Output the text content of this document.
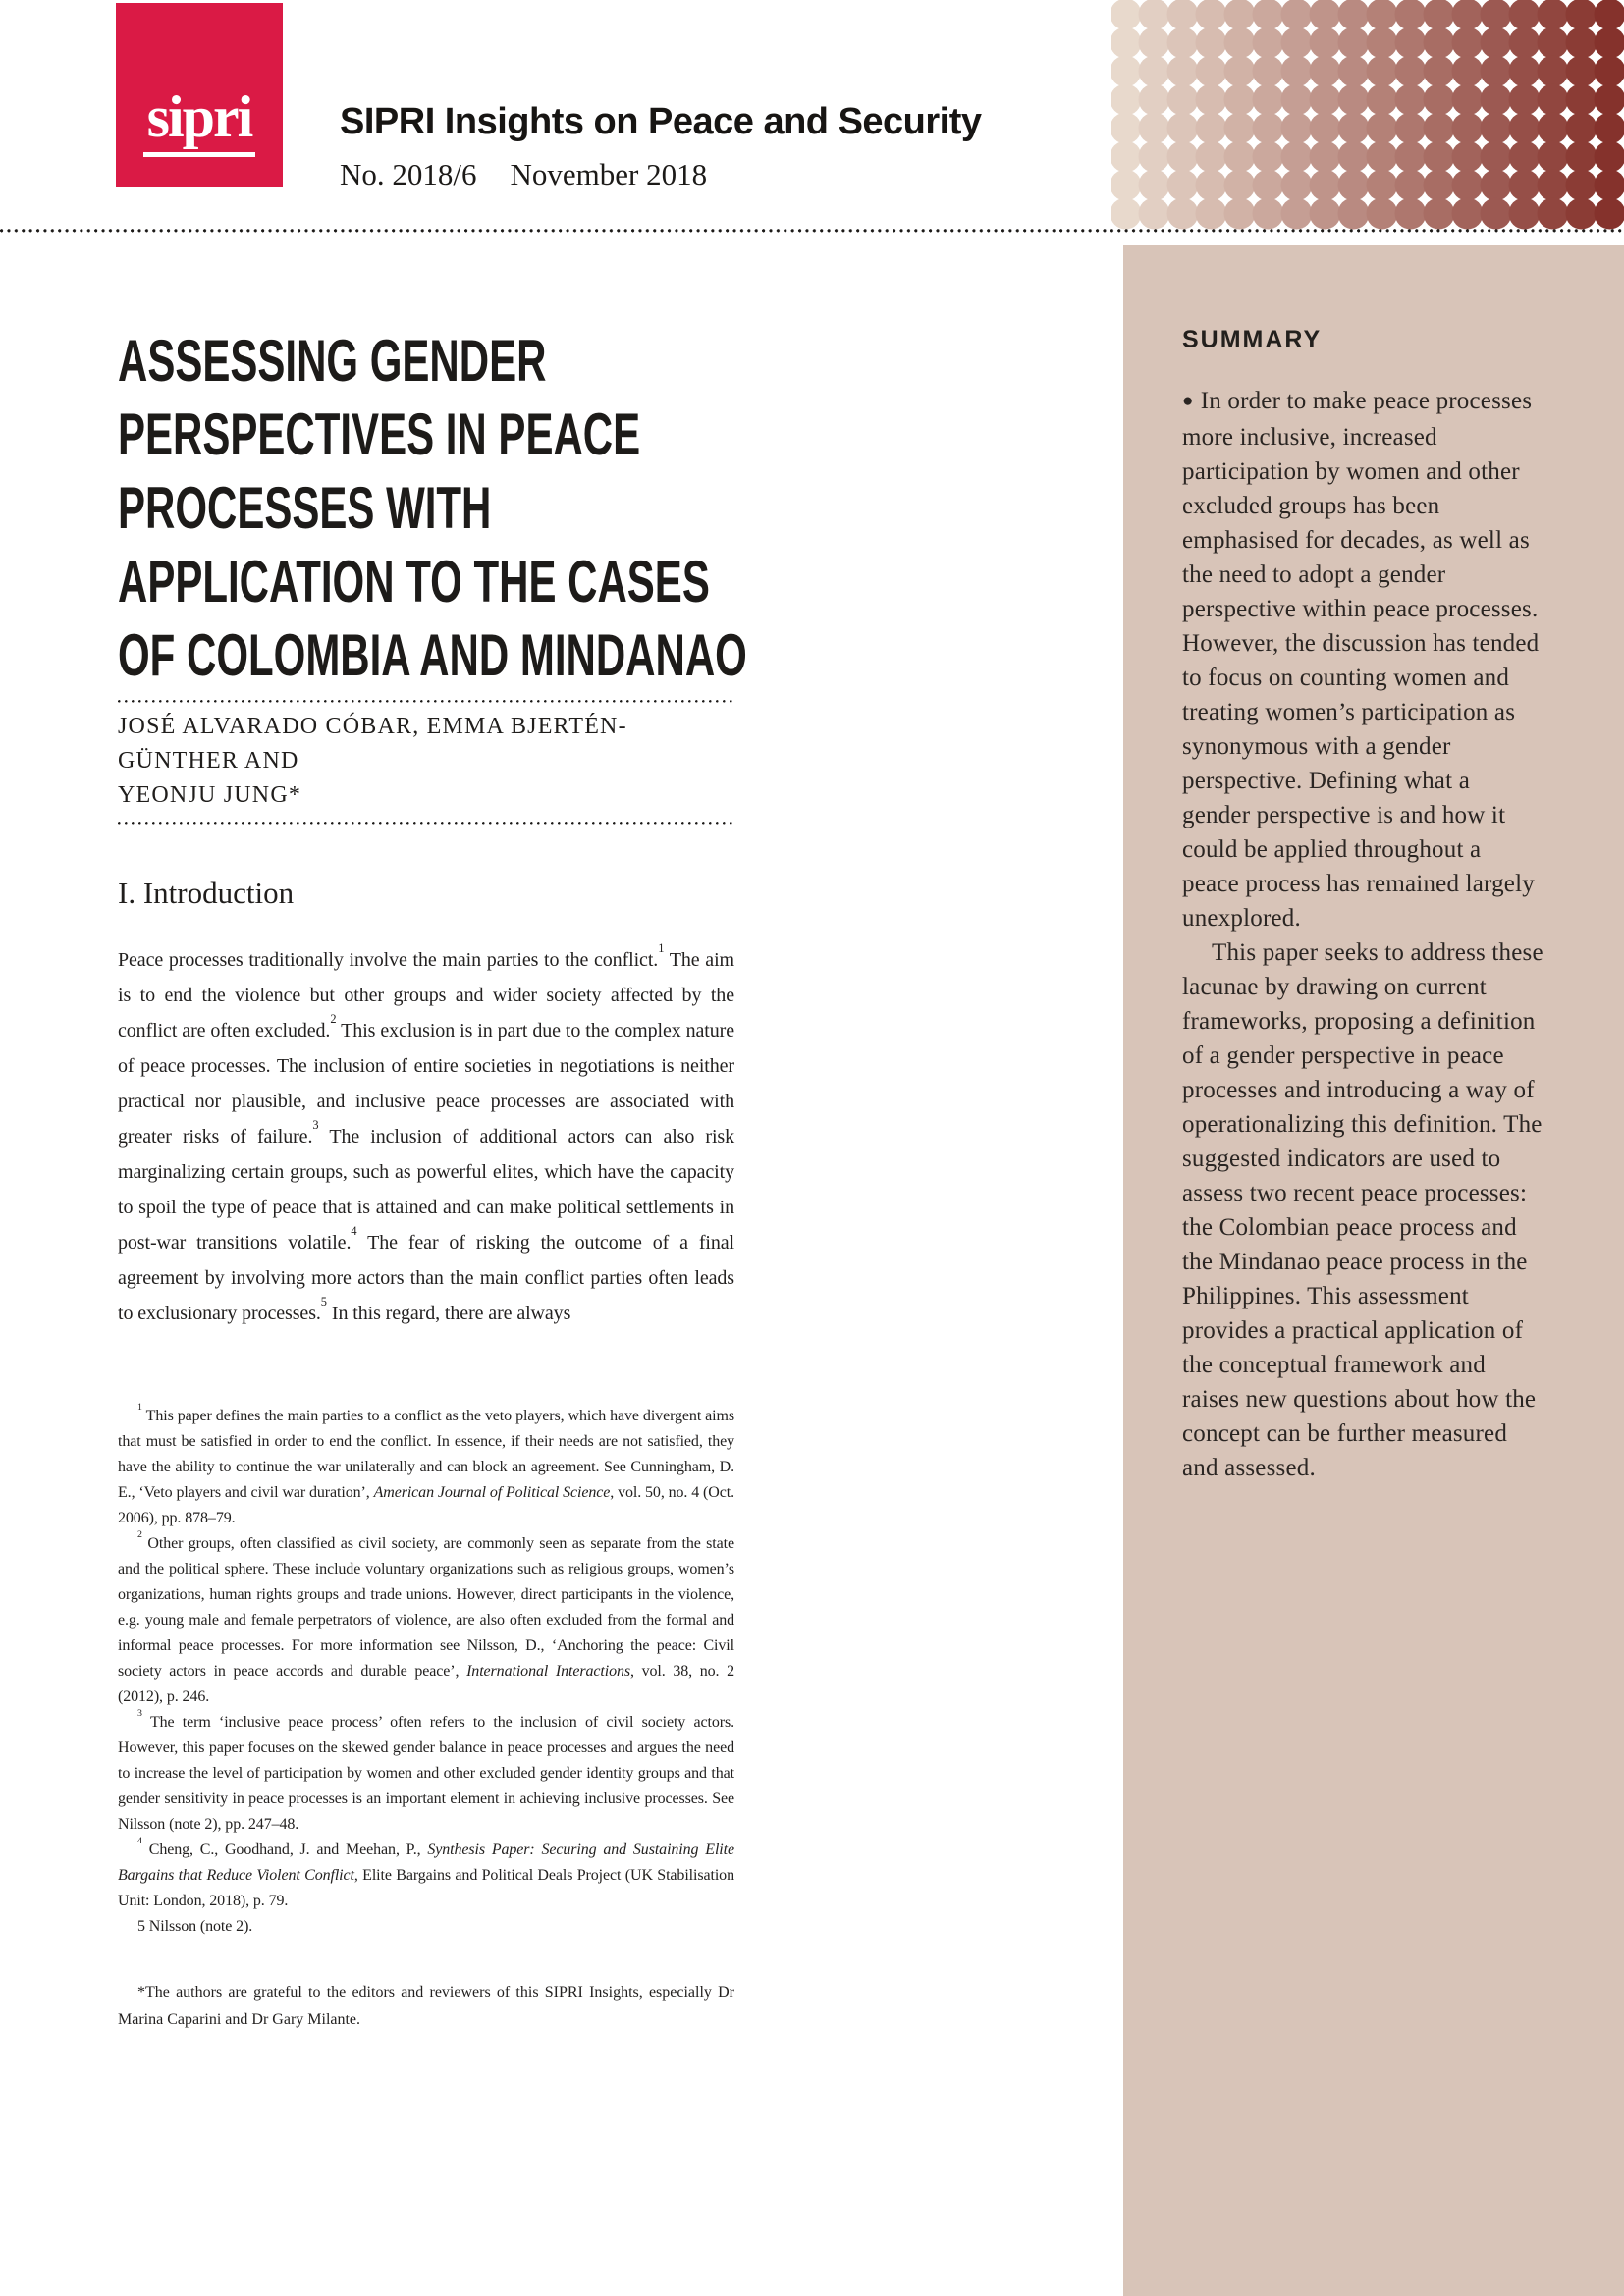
sipri SIPRI Insights on Peace and Security
No. 2018/6 November 2018
ASSESSING GENDER
PERSPECTIVES IN PEACE
PROCESSES WITH
APPLICATION TO THE CASES
OF COLOMBIA AND MINDANAO
JOSÉ ALVARADO CÓBAR, EMMA BJERTÉN-GÜNTHER AND
YEONJU JUNG*
I. Introduction

Peace processes traditionally involve the main parties to the conflict.$^1$ The aim is to end the violence but other groups and wider society affected by the conflict are often excluded.$^2$ This exclusion is in part due to the complex nature of peace processes. The inclusion of entire societies in negotiations is neither practical nor plausible, and inclusive peace processes are associated with greater risks of failure.$^3$ The inclusion of additional actors can also risk marginalizing certain groups, such as powerful elites, which have the capacity to spoil the type of peace that is attained and can make political settlements in post-war transitions volatile.$^4$ The fear of risking the outcome of a final agreement by involving more actors than the main conflict parties often leads to exclusionary processes.$^5$ In this regard, there are always

$^1$ This paper defines the main parties to a conflict as the veto players, which have divergent aims that must be satisfied in order to end the conflict. In essence, if their needs are not satisfied, they have the ability to continue the war unilaterally and can block an agreement. See Cunningham, D. E., ‘Veto players and civil war duration’, American Journal of Political Science, vol. 50, no. 4 (Oct. 2006), pp. 878–79.

$^2$ Other groups, often classified as civil society, are commonly seen as separate from the state and the political sphere. These include voluntary organizations such as religious groups, women’s organizations, human rights groups and trade unions. However, direct participants in the violence, e.g. young male and female perpetrators of violence, are also often excluded from the formal and informal peace processes. For more information see Nilsson, D., ‘Anchoring the peace: Civil society actors in peace accords and durable peace’, International Interactions, vol. 38, no. 2 (2012), p. 246.

$^3$ The term ‘inclusive peace process’ often refers to the inclusion of civil society actors. However, this paper focuses on the skewed gender balance in peace processes and argues the need to increase the level of participation by women and other excluded gender identity groups and that gender sensitivity in peace processes is an important element in achieving inclusive processes. See Nilsson (note 2), pp. 247–48.

$^4$ Cheng, C., Goodhand, J. and Meehan, P., Synthesis Paper: Securing and Sustaining Elite Bargains that Reduce Violent Conflict, Elite Bargains and Political Deals Project (UK Stabilisation Unit: London, 2018), p. 79.

5 Nilsson (note 2).

*The authors are grateful to the editors and reviewers of this SIPRI Insights, especially Dr Marina Caparini and Dr Gary Milante.

SUMMARY

● In order to make peace processes more inclusive, increased participation by women and other excluded groups has been emphasised for decades, as well as the need to adopt a gender perspective within peace processes. However, the discussion has tended to focus on counting women and treating women’s participation as synonymous with a gender perspective. Defining what a gender perspective is and how it could be applied throughout a peace process has remained largely unexplored.

This paper seeks to address these lacunae by drawing on current frameworks, proposing a definition of a gender perspective in peace processes and introducing a way of operationalizing this definition. The suggested indicators are used to assess two recent peace processes: the Colombian peace process and the Mindanao peace process in the Philippines. This assessment provides a practical application of the conceptual framework and raises new questions about how the concept can be further measured and assessed.
